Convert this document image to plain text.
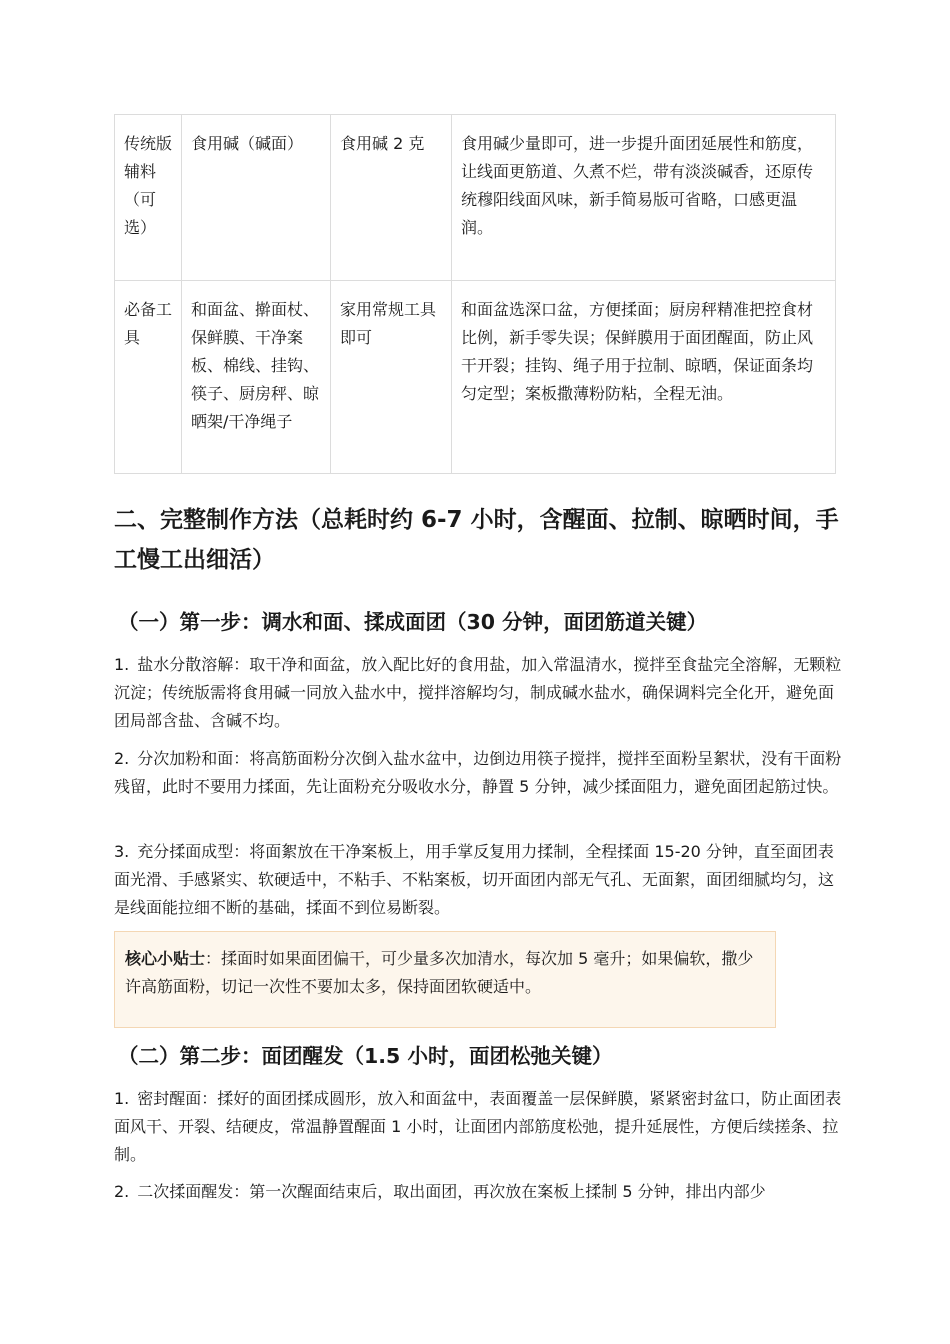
传统版辅料（可选）	食用碱（碱面）	食用碱 2 克	食用碱少量即可，进一步提升面团延展性和筋度，让线面更筋道、久煮不烂，带有淡淡碱香，还原传统穆阳线面风味，新手简易版可省略，口感更温润。
必备工具	和面盆、擀面杖、保鲜膜、干净案板、棉线、挂钩、筷子、厨房秤、晾晒架/干净绳子	家用常规工具即可	和面盆选深口盆，方便揉面；厨房秤精准把控食材比例，新手零失误；保鲜膜用于面团醒面，防止风干开裂；挂钩、绳子用于拉制、晾晒，保证面条均匀定型；案板撒薄粉防粘，全程无油。
二、完整制作方法（总耗时约 6-7 小时，含醒面、拉制、晾晒时间，手工慢工出细活）
（一）第一步：调水和面、揉成面团（30 分钟，面团筋道关键）

1. 盐水分散溶解：取干净和面盆，放入配比好的食用盐，加入常温清水，搅拌至食盐完全溶解，无颗粒沉淀；传统版需将食用碱一同放入盐水中，搅拌溶解均匀，制成碱水盐水，确保调料完全化开，避免面团局部含盐、含碱不均。

2. 分次加粉和面：将高筋面粉分次倒入盐水盆中，边倒边用筷子搅拌，搅拌至面粉呈絮状，没有干面粉残留，此时不要用力揉面，先让面粉充分吸收水分，静置 5 分钟，减少揉面阻力，避免面团起筋过快。

3. 充分揉面成型：将面絮放在干净案板上，用手掌反复用力揉制，全程揉面 15-20 分钟，直至面团表面光滑、手感紧实、软硬适中，不粘手、不粘案板，切开面团内部无气孔、无面絮，面团细腻均匀，这是线面能拉细不断的基础，揉面不到位易断裂。

核心小贴士：揉面时如果面团偏干，可少量多次加清水，每次加 5 毫升；如果偏软，撒少许高筋面粉，切记一次性不要加太多，保持面团软硬适中。
（二）第二步：面团醒发（1.5 小时，面团松弛关键）

1. 密封醒面：揉好的面团揉成圆形，放入和面盆中，表面覆盖一层保鲜膜，紧紧密封盆口，防止面团表面风干、开裂、结硬皮，常温静置醒面 1 小时，让面团内部筋度松弛，提升延展性，方便后续搓条、拉制。

2. 二次揉面醒发：第一次醒面结束后，取出面团，再次放在案板上揉制 5 分钟，排出内部少
